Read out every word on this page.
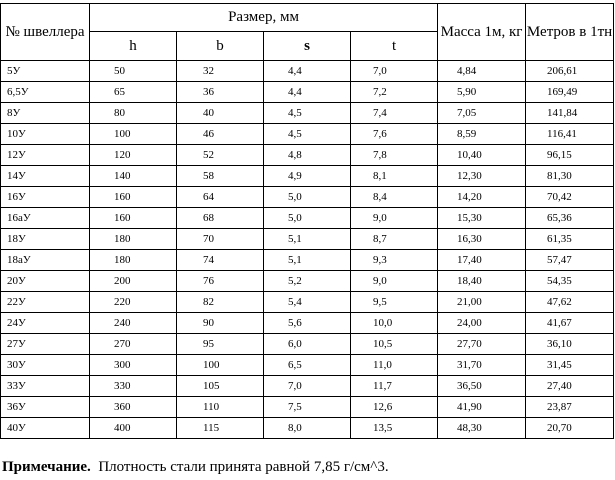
№ швеллера	Размер, мм				Масса 1м, кг	Метров в 1тн
	h	b	s	t		
5У	50	32	4,4	7,0	4,84	206,61
6,5У	65	36	4,4	7,2	5,90	169,49
8У	80	40	4,5	7,4	7,05	141,84
10У	100	46	4,5	7,6	8,59	116,41
12У	120	52	4,8	7,8	10,40	96,15
14У	140	58	4,9	8,1	12,30	81,30
16У	160	64	5,0	8,4	14,20	70,42
16аУ	160	68	5,0	9,0	15,30	65,36
18У	180	70	5,1	8,7	16,30	61,35
18аУ	180	74	5,1	9,3	17,40	57,47
20У	200	76	5,2	9,0	18,40	54,35
22У	220	82	5,4	9,5	21,00	47,62
24У	240	90	5,6	10,0	24,00	41,67
27У	270	95	6,0	10,5	27,70	36,10
30У	300	100	6,5	11,0	31,70	31,45
33У	330	105	7,0	11,7	36,50	27,40
36У	360	110	7,5	12,6	41,90	23,87
40У	400	115	8,0	13,5	48,30	20,70
Примечание. Плотность стали принята равной 7,85 г/см^3.
